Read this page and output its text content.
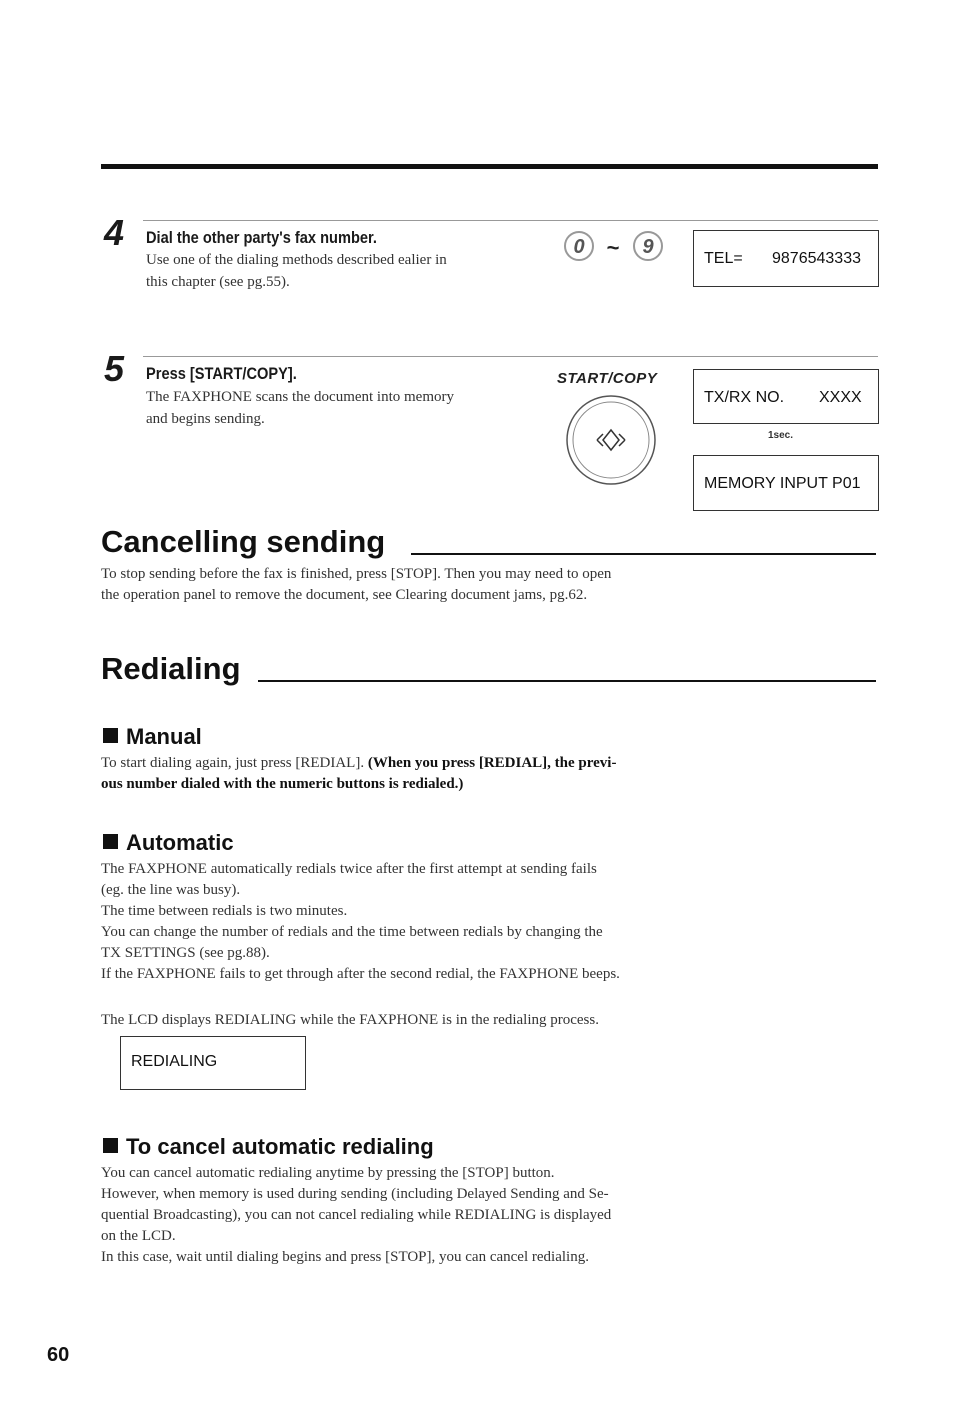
4 Dial the other party's fax number.
Use one of the dialing methods described ealier in
this chapter (see pg.55).
0 ~ 9
TEL= 9876543333
5 Press [START/COPY].
The FAXPHONE scans the document into memory
and begins sending.
START/COPY
TX/RX NO. XXXX
1sec.
MEMORY INPUT P01
Cancelling sending
To stop sending before the fax is finished, press [STOP]. Then you may need to open
the operation panel to remove the document, see Clearing document jams, pg.62.
Redialing
Manual
To start dialing again, just press [REDIAL]. (When you press [REDIAL], the previ-
ous number dialed with the numeric buttons is redialed.)
Automatic
The FAXPHONE automatically redials twice after the first attempt at sending fails
(eg. the line was busy).
The time between redials is two minutes.
You can change the number of redials and the time between redials by changing the
TX SETTINGS (see pg.88).
If the FAXPHONE fails to get through after the second redial, the FAXPHONE beeps.
The LCD displays REDIALING while the FAXPHONE is in the redialing process.
REDIALING
To cancel automatic redialing
You can cancel automatic redialing anytime by pressing the [STOP] button.
However, when memory is used during sending (including Delayed Sending and Se-
quential Broadcasting), you can not cancel redialing while REDIALING is displayed
on the LCD.
In this case, wait until dialing begins and press [STOP], you can cancel redialing.
60
